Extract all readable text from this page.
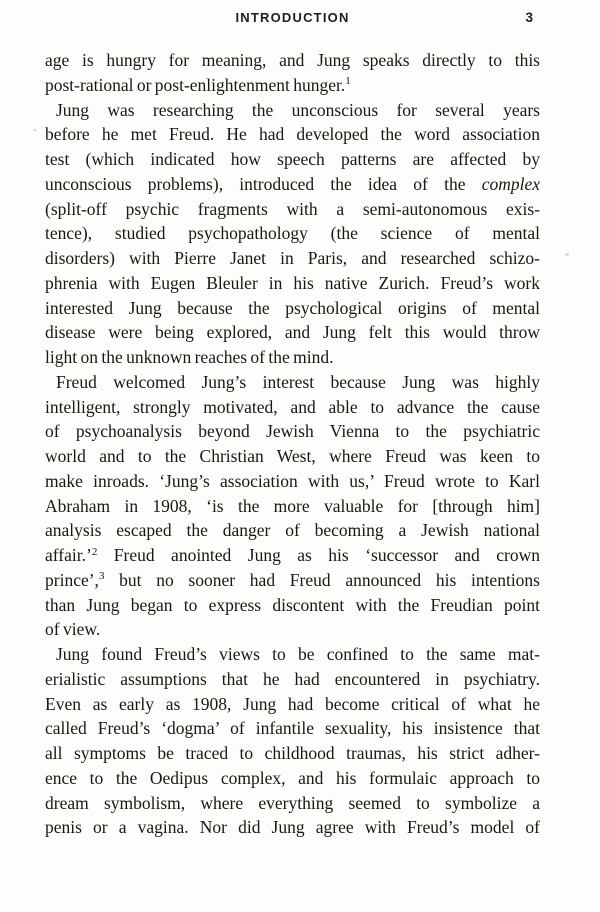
INTRODUCTION	3
age is hungry for meaning, and Jung speaks directly to this
post-rational or post-enlightenment hunger.$^1$
Jung was researching the unconscious for several years
before he met Freud. He had developed the word association
test (which indicated how speech patterns are affected by
unconscious problems), introduced the idea of the complex
(split-off psychic fragments with a semi-autonomous exis-
tence), studied psychopathology (the science of mental
disorders) with Pierre Janet in Paris, and researched schizo-
phrenia with Eugen Bleuler in his native Zurich. Freud’s work
interested Jung because the psychological origins of mental
disease were being explored, and Jung felt this would throw
light on the unknown reaches of the mind.
Freud welcomed Jung’s interest because Jung was highly
intelligent, strongly motivated, and able to advance the cause
of psychoanalysis beyond Jewish Vienna to the psychiatric
world and to the Christian West, where Freud was keen to
make inroads. ‘Jung’s association with us,’ Freud wrote to Karl
Abraham in 1908, ‘is the more valuable for [through him]
analysis escaped the danger of becoming a Jewish national
affair.’$^2$ Freud anointed Jung as his ‘successor and crown
prince’,$^3$ but no sooner had Freud announced his intentions
than Jung began to express discontent with the Freudian point
of view.
Jung found Freud’s views to be confined to the same mat-
erialistic assumptions that he had encountered in psychiatry.
Even as early as 1908, Jung had become critical of what he
called Freud’s ‘dogma’ of infantile sexuality, his insistence that
all symptoms be traced to childhood traumas, his strict adher-
ence to the Oedipus complex, and his formulaic approach to
dream symbolism, where everything seemed to symbolize a
penis or a vagina. Nor did Jung agree with Freud’s model of
